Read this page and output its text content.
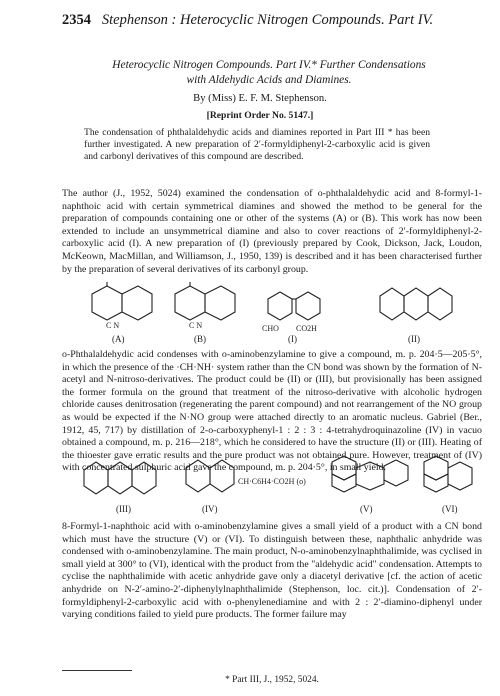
2354 Stephenson : Heterocyclic Nitrogen Compounds. Part IV.
Heterocyclic Nitrogen Compounds. Part IV.* Further Condensations
with Aldehydic Acids and Diamines.
By (Miss) E. F. M. Stephenson.
[Reprint Order No. 5147.]
The condensation of phthalaldehydic acids and diamines reported in Part III * has been further investigated. A new preparation of 2′-formyldiphenyl-2-carboxylic acid is given and carbonyl derivatives of this compound are described.

The author (J., 1952, 5024) examined the condensation of o-phthalaldehydic acid and 8-formyl-1-naphthoic acid with certain symmetrical diamines and showed the method to be general for the preparation of compounds containing one or other of the systems (A) or (B). This work has now been extended to include an unsymmetrical diamine and also to cover reactions of 2′-formyldiphenyl-2-carboxylic acid (I). A new preparation of (I) (previously prepared by Cook, Dickson, Jack, Loudon, McKeown, MacMillan, and Williamson, J., 1950, 139) is described and it has been characterised further by the preparation of several derivatives of its carbonyl group.

C N	C N	CHO CO2H
(A)	(B)	(I)	(II)

o-Phthalaldehydic acid condenses with o-aminobenzylamine to give a compound, m. p. 204·5—205·5°, in which the presence of the ·CH·NH· system rather than the CN bond was shown by the formation of N-acetyl and N-nitroso-derivatives. The product could be (II) or (III), but provisionally has been assigned the former formula on the ground that treatment of the nitroso-derivative with alcoholic hydrogen chloride causes denitrosation (regenerating the parent compound) and not rearrangement of the NO group as would be expected if the N·NO group were attached directly to an aromatic nucleus. Gabriel (Ber., 1912, 45, 717) by distillation of 2-o-carboxyphenyl-1 : 2 : 3 : 4-tetrahydroquinazoline (IV) in vacuo obtained a compound, m. p. 216—218°, which he considered to have the structure (II) or (III). Heating of the thioester gave erratic results and the pure product was not obtained pure. However, treatment of (IV) with concentrated sulphuric acid gave the compound, m. p. 204·5°, in small yield.

CH·C6H4·CO2H (o)
(III)	(IV)	(V)	(VI)

8-Formyl-1-naphthoic acid with o-aminobenzylamine gives a small yield of a product with a CN bond which must have the structure (V) or (VI). To distinguish between these, naphthalic anhydride was condensed with o-aminobenzylamine. The main product, N-o-aminobenzylnaphthalimide, was cyclised in small yield at 300° to (VI), identical with the product from the "aldehydic acid" condensation. Attempts to cyclise the naphthalimide with acetic anhydride gave only a diacetyl derivative [cf. the action of acetic anhydride on N-2′-amino-2′-diphenylylnaphthalimide (Stephenson, loc. cit.)]. Condensation of 2′-formyldiphenyl-2-carboxylic acid with o-phenylenediamine and with 2 : 2′-diamino-diphenyl under varying conditions failed to yield pure products. The former failure may

* Part III, J., 1952, 5024.
